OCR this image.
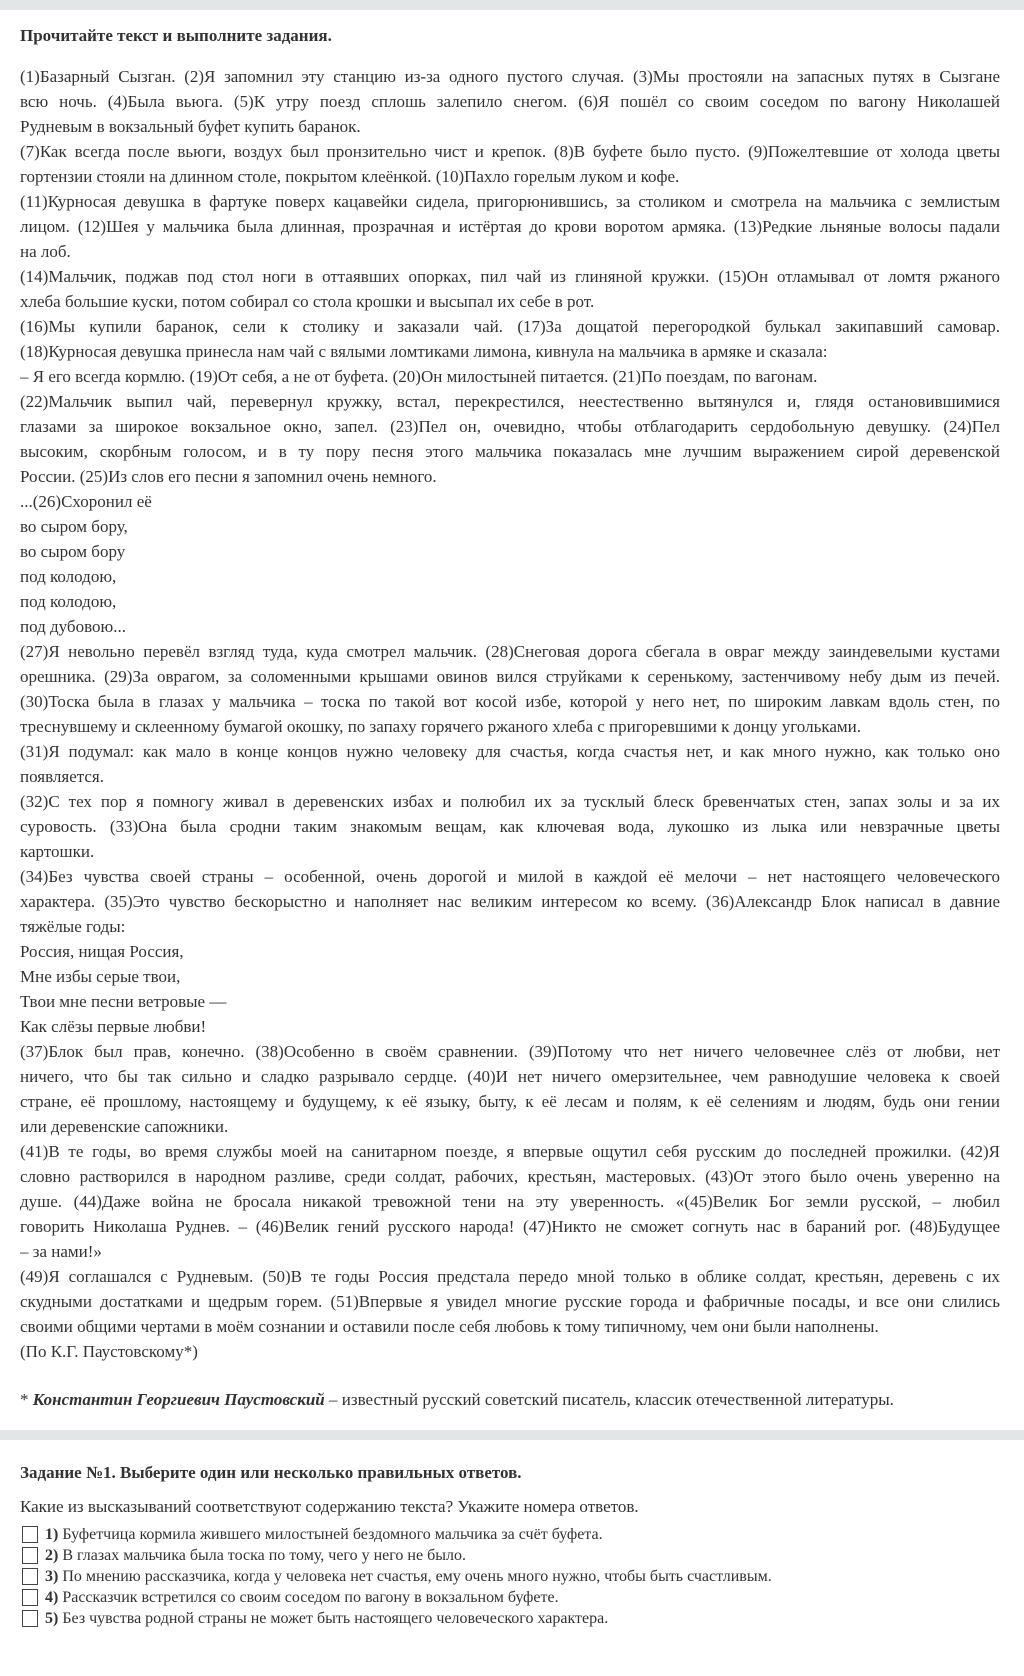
Прочитайте текст и выполните задания.
(1)Базарный Сызган. (2)Я запомнил эту станцию из-за одного пустого случая. (3)Мы простояли на запасных путях в Сызгане
всю ночь. (4)Была вьюга. (5)К утру поезд сплошь залепило снегом. (6)Я пошёл со своим соседом по вагону Николашей
Рудневым в вокзальный буфет купить баранок.
(7)Как всегда после вьюги, воздух был пронзительно чист и крепок. (8)В буфете было пусто. (9)Пожелтевшие от холода цветы
гортензии стояли на длинном столе, покрытом клеёнкой. (10)Пахло горелым луком и кофе.
(11)Курносая девушка в фартуке поверх кацавейки сидела, пригорюнившись, за столиком и смотрела на мальчика с землистым
лицом. (12)Шея у мальчика была длинная, прозрачная и истёртая до крови воротом армяка. (13)Редкие льняные волосы падали
на лоб.
(14)Мальчик, поджав под стол ноги в оттаявших опорках, пил чай из глиняной кружки. (15)Он отламывал от ломтя ржаного
хлеба большие куски, потом собирал со стола крошки и высыпал их себе в рот.
(16)Мы купили баранок, сели к столику и заказали чай. (17)За дощатой перегородкой булькал закипавший самовар.
(18)Курносая девушка принесла нам чай с вялыми ломтиками лимона, кивнула на мальчика в армяке и сказала:
– Я его всегда кормлю. (19)От себя, а не от буфета. (20)Он милостыней питается. (21)По поездам, по вагонам.
(22)Мальчик выпил чай, перевернул кружку, встал, перекрестился, неестественно вытянулся и, глядя остановившимися
глазами за широкое вокзальное окно, запел. (23)Пел он, очевидно, чтобы отблагодарить сердобольную девушку. (24)Пел
высоким, скорбным голосом, и в ту пору песня этого мальчика показалась мне лучшим выражением сирой деревенской
России. (25)Из слов его песни я запомнил очень немного.
...(26)Схоронил её
во сыром бору,
во сыром бору
под колодою,
под колодою,
под дубовою...
(27)Я невольно перевёл взгляд туда, куда смотрел мальчик. (28)Снеговая дорога сбегала в овраг между заиндевелыми кустами
орешника. (29)За оврагом, за соломенными крышами овинов вился струйками к серенькому, застенчивому небу дым из печей.
(30)Тоска была в глазах у мальчика – тоска по такой вот косой избе, которой у него нет, по широким лавкам вдоль стен, по
треснувшему и склеенному бумагой окошку, по запаху горячего ржаного хлеба с пригоревшими к донцу угольками.
(31)Я подумал: как мало в конце концов нужно человеку для счастья, когда счастья нет, и как много нужно, как только оно
появляется.
(32)С тех пор я помногу живал в деревенских избах и полюбил их за тусклый блеск бревенчатых стен, запах золы и за их
суровость. (33)Она была сродни таким знакомым вещам, как ключевая вода, лукошко из лыка или невзрачные цветы
картошки.
(34)Без чувства своей страны – особенной, очень дорогой и милой в каждой её мелочи – нет настоящего человеческого
характера. (35)Это чувство бескорыстно и наполняет нас великим интересом ко всему. (36)Александр Блок написал в давние
тяжёлые годы:
Россия, нищая Россия,
Мне избы серые твои,
Твои мне песни ветровые —
Как слёзы первые любви!
(37)Блок был прав, конечно. (38)Особенно в своём сравнении. (39)Потому что нет ничего человечнее слёз от любви, нет
ничего, что бы так сильно и сладко разрывало сердце. (40)И нет ничего омерзительнее, чем равнодушие человека к своей
стране, её прошлому, настоящему и будущему, к её языку, быту, к её лесам и полям, к её селениям и людям, будь они гении
или деревенские сапожники.
(41)В те годы, во время службы моей на санитарном поезде, я впервые ощутил себя русским до последней прожилки. (42)Я
словно растворился в народном разливе, среди солдат, рабочих, крестьян, мастеровых. (43)От этого было очень уверенно на
душе. (44)Даже война не бросала никакой тревожной тени на эту уверенность. «(45)Велик Бог земли русской, – любил
говорить Николаша Руднев. – (46)Велик гений русского народа! (47)Никто не сможет согнуть нас в бараний рог. (48)Будущее
– за нами!»
(49)Я соглашался с Рудневым. (50)В те годы Россия предстала передо мной только в облике солдат, крестьян, деревень с их
скудными достатками и щедрым горем. (51)Впервые я увидел многие русские города и фабричные посады, и все они слились
своими общими чертами в моём сознании и оставили после себя любовь к тому типичному, чем они были наполнены.
(По К.Г. Паустовскому*)
* Константин Георгиевич Паустовский – известный русский советский писатель, классик отечественной литературы.
Задание №1. Выберите один или несколько правильных ответов.
Какие из высказываний соответствуют содержанию текста? Укажите номера ответов.
1) Буфетчица кормила жившего милостыней бездомного мальчика за счёт буфета.
2) В глазах мальчика была тоска по тому, чего у него не было.
3) По мнению рассказчика, когда у человека нет счастья, ему очень много нужно, чтобы быть счастливым.
4) Рассказчик встретился со своим соседом по вагону в вокзальном буфете.
5) Без чувства родной страны не может быть настоящего человеческого характера.
